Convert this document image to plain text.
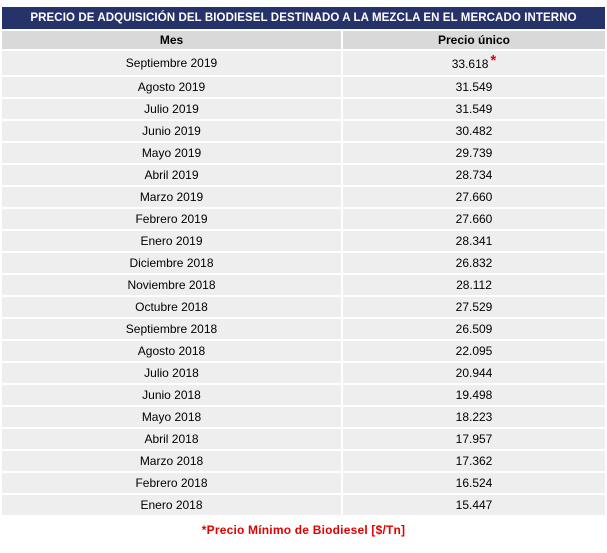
PRECIO DE ADQUISICIÓN DEL BIODIESEL DESTINADO A LA MEZCLA EN EL MERCADO INTERNO
Mes	Precio único
Septiembre 2019	33.618 *
Agosto 2019	31.549
Julio 2019	31.549
Junio 2019	30.482
Mayo 2019	29.739
Abril 2019	28.734
Marzo 2019	27.660
Febrero 2019	27.660
Enero 2019	28.341
Diciembre 2018	26.832
Noviembre 2018	28.112
Octubre 2018	27.529
Septiembre 2018	26.509
Agosto 2018	22.095
Julio 2018	20.944
Junio 2018	19.498
Mayo 2018	18.223
Abril 2018	17.957
Marzo 2018	17.362
Febrero 2018	16.524
Enero 2018	15.447
*Precio Mínimo de Biodiesel [$/Tn]
